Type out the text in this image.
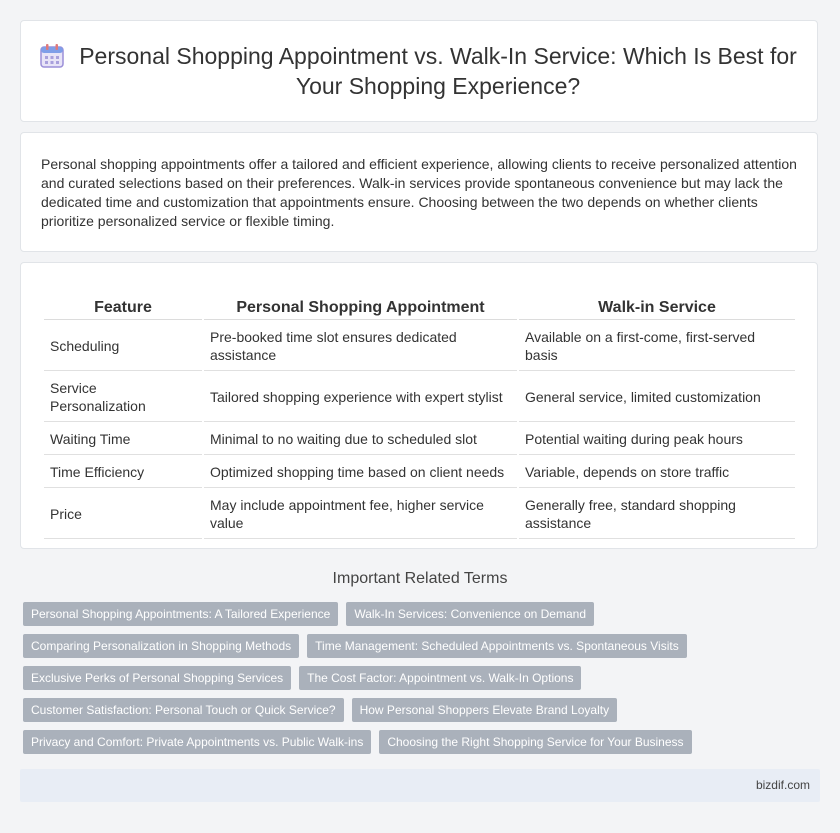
Personal Shopping Appointment vs. Walk-In Service: Which Is Best for Your Shopping Experience?

Personal shopping appointments offer a tailored and efficient experience, allowing clients to receive personalized attention and curated selections based on their preferences. Walk-in services provide spontaneous convenience but may lack the dedicated time and customization that appointments ensure. Choosing between the two depends on whether clients prioritize personalized service or flexible timing.

Feature	Personal Shopping Appointment	Walk-in Service
Scheduling	Pre-booked time slot ensures dedicated assistance	Available on a first-come, first-served basis
Service Personalization	Tailored shopping experience with expert stylist	General service, limited customization
Waiting Time	Minimal to no waiting due to scheduled slot	Potential waiting during peak hours
Time Efficiency	Optimized shopping time based on client needs	Variable, depends on store traffic
Price	May include appointment fee, higher service value	Generally free, standard shopping assistance
Important Related Terms
Personal Shopping Appointments: A Tailored Experience	Walk-In Services: Convenience on Demand
Comparing Personalization in Shopping Methods	Time Management: Scheduled Appointments vs. Spontaneous Visits
Exclusive Perks of Personal Shopping Services	The Cost Factor: Appointment vs. Walk-In Options
Customer Satisfaction: Personal Touch or Quick Service?	How Personal Shoppers Elevate Brand Loyalty
Privacy and Comfort: Private Appointments vs. Public Walk-ins	Choosing the Right Shopping Service for Your Business
bizdif.com
